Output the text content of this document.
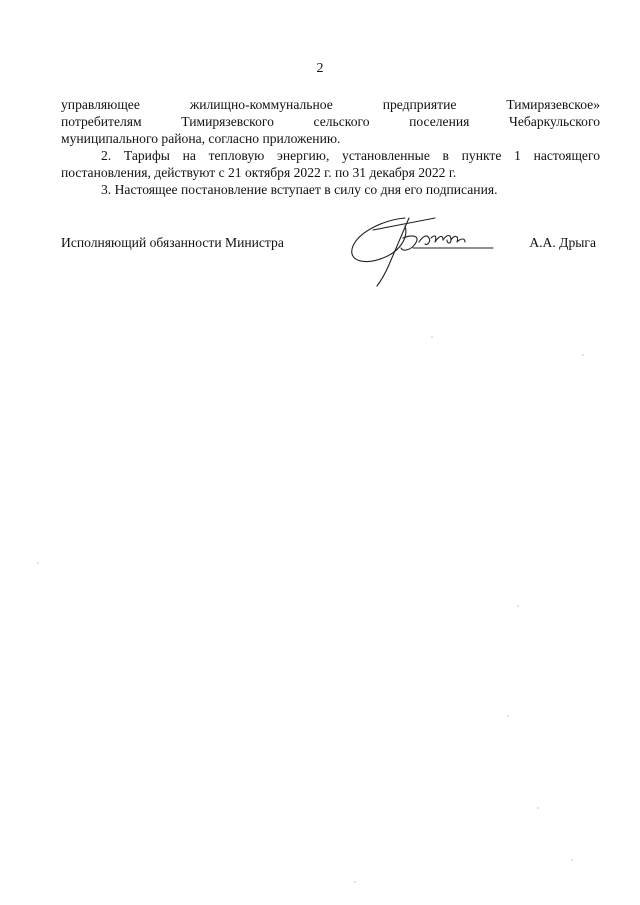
2

управляющее жилищно-коммунальное предприятие Тимирязевское»
потребителям Тимирязевского сельского поселения Чебаркульского
муниципального района, согласно приложению.

2. Тарифы на тепловую энергию, установленные в пункте 1 настоящего
постановления, действуют с 21 октября 2022 г. по 31 декабря 2022 г.

3. Настоящее постановление вступает в силу со дня его подписания.

Исполняющий обязанности Министра	А.А. Дрыга
